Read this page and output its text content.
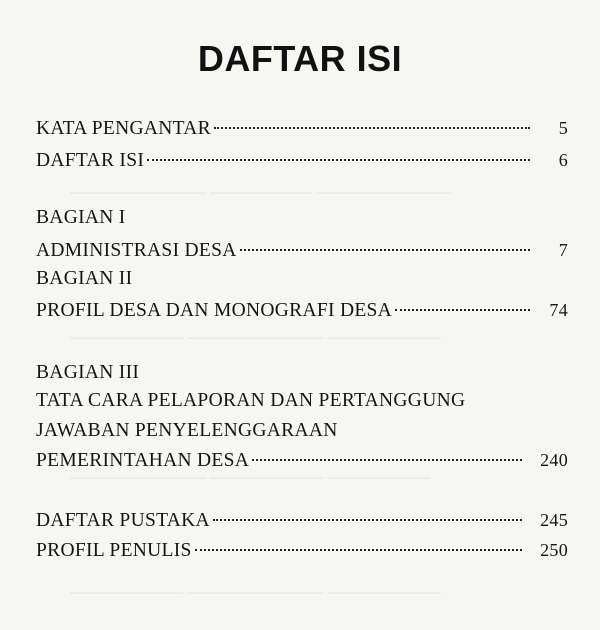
──────────── ───────── ────────────
────────── ──────────── ──────────
──────────── ────────── ─────────
────────── ──────────── ──────────
DAFTAR ISI
KATA PENGANTAR	5
DAFTAR ISI	6
BAGIAN I
ADMINISTRASI DESA	7
BAGIAN II
PROFIL DESA DAN MONOGRAFI DESA	74
BAGIAN III
TATA CARA PELAPORAN DAN PERTANGGUNG
JAWABAN PENYELENGGARAAN
PEMERINTAHAN DESA	240
DAFTAR PUSTAKA	245
PROFIL PENULIS	250
